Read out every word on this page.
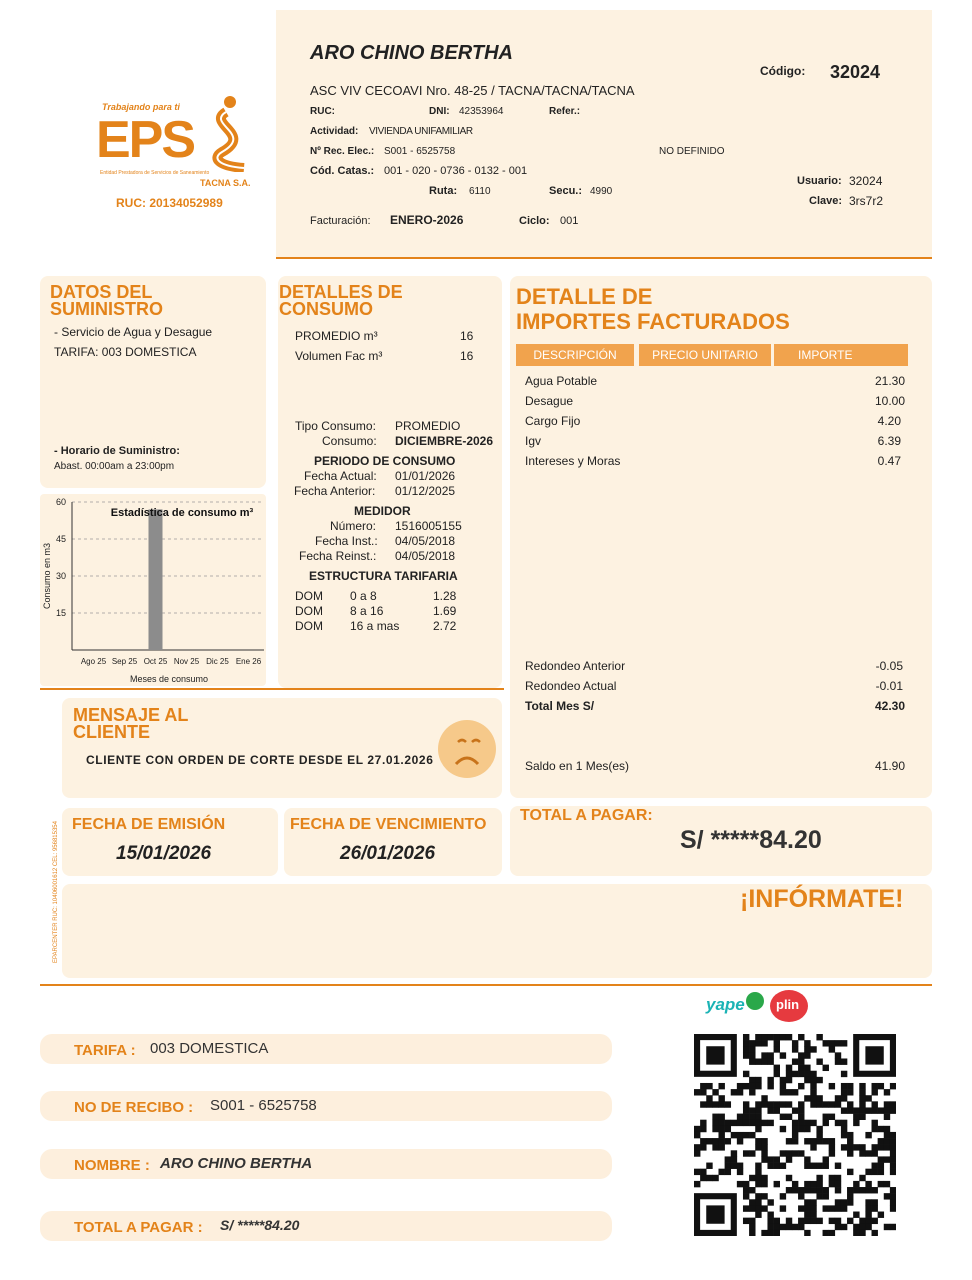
Trabajando para ti
EPS
Entidad Prestadora de Servicios de Saneamiento
TACNA S.A.
RUC: 20134052989
EPARCENTER RUC: 10406001612 CEL: 956815354
ARO CHINO BERTHA
ASC VIV CECOAVI Nro. 48-25 / TACNA/TACNA/TACNA
Código: 32024
RUC:	DNI: 42353964	Refer.:
Actividad: VIVIENDA UNIFAMILIAR
Nº Rec. Elec.: S001 - 6525758	NO DEFINIDO
Cód. Catas.: 001 - 020 - 0736 - 0132 - 001
Ruta: 6110	Secu.: 4990
Usuario: 32024
Clave: 3rs7r2
Facturación: ENERO-2026	Ciclo: 001
DATOS DEL
SUMINISTRO
- Servicio de Agua y Desague
TARIFA: 003 DOMESTICA
- Horario de Suministro:
Abast. 00:00am a 23:00pm
15
30
45
60
Ago 25 Sep 25 Oct 25 Nov 25 Dic 25 Ene 26
Estadística de consumo m³
Meses de consumo
Consumo en m3
DETALLES DE
CONSUMO
PROMEDIO m³	16
Volumen Fac m³	16
Tipo Consumo: PROMEDIO
Consumo: DICIEMBRE-2026
PERIODO DE CONSUMO
Fecha Actual: 01/01/2026
Fecha Anterior: 01/12/2025
MEDIDOR
Número: 1516005155
Fecha Inst.: 04/05/2018
Fecha Reinst.: 04/05/2018
ESTRUCTURA TARIFARIA
DOM 0 a 8	1.28
DOM 8 a 16	1.69
DOM 16 a mas	2.72
DETALLE DE
IMPORTES FACTURADOS
DESCRIPCIÓN	PRECIO UNITARIO	IMPORTE
Agua Potable	21.30
Desague	10.00
Cargo Fijo	4.20
Igv	6.39
Intereses y Moras	0.47
Redondeo Anterior	-0.05
Redondeo Actual	-0.01
Total Mes S/	42.30
Saldo en 1 Mes(es)	41.90
MENSAJE AL
CLIENTE
CLIENTE CON ORDEN DE CORTE DESDE EL 27.01.2026
FECHA DE EMISIÓN
15/01/2026
FECHA DE VENCIMIENTO
26/01/2026
TOTAL A PAGAR:
S/ *****84.20
¡INFÓRMATE!
yape plin
TARIFA : 003 DOMESTICA
NO DE RECIBO : S001 - 6525758
NOMBRE : ARO CHINO BERTHA
TOTAL A PAGAR : S/ *****84.20
